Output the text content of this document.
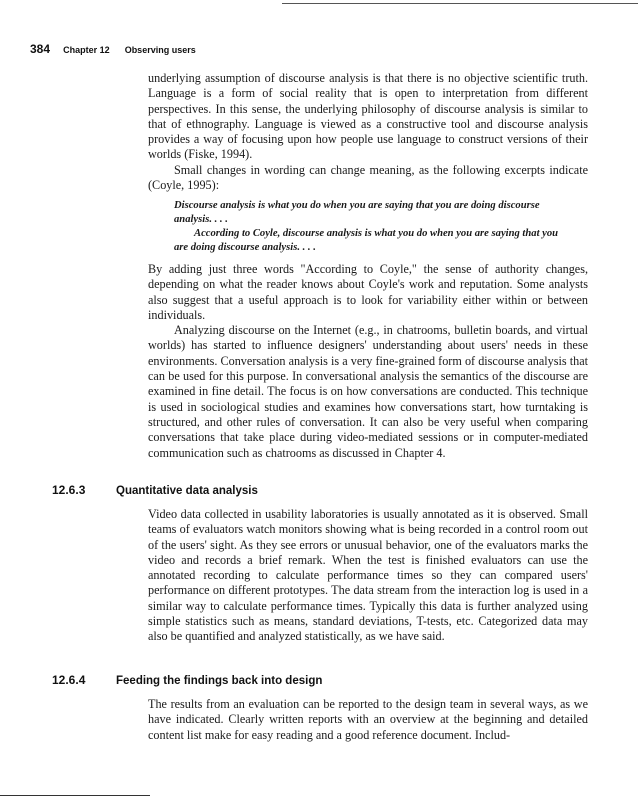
384 Chapter 12 Observing users

underlying assumption of discourse analysis is that there is no objective scientific truth. Language is a form of social reality that is open to interpretation from different perspectives. In this sense, the underlying philosophy of discourse analysis is similar to that of ethnography. Language is viewed as a constructive tool and discourse analysis provides a way of focusing upon how people use language to construct versions of their worlds (Fiske, 1994).

Small changes in wording can change meaning, as the following excerpts indicate (Coyle, 1995):

Discourse analysis is what you do when you are saying that you are doing discourse analysis. . . .

According to Coyle, discourse analysis is what you do when you are saying that you are doing discourse analysis. . . .

By adding just three words "According to Coyle," the sense of authority changes, depending on what the reader knows about Coyle's work and reputation. Some analysts also suggest that a useful approach is to look for variability either within or between individuals.

Analyzing discourse on the Internet (e.g., in chatrooms, bulletin boards, and virtual worlds) has started to influence designers' understanding about users' needs in these environments. Conversation analysis is a very fine-grained form of discourse analysis that can be used for this purpose. In conversational analysis the semantics of the discourse are examined in fine detail. The focus is on how conversations are conducted. This technique is used in sociological studies and examines how conversations start, how turntaking is structured, and other rules of conversation. It can also be very useful when comparing conversations that take place during video-mediated sessions or in computer-mediated communication such as chatrooms as discussed in Chapter 4.

12.6.3	Quantitative data analysis

Video data collected in usability laboratories is usually annotated as it is observed. Small teams of evaluators watch monitors showing what is being recorded in a control room out of the users' sight. As they see errors or unusual behavior, one of the evaluators marks the video and records a brief remark. When the test is finished evaluators can use the annotated recording to calculate performance times so they can compared users' performance on different prototypes. The data stream from the interaction log is used in a similar way to calculate performance times. Typically this data is further analyzed using simple statistics such as means, standard deviations, T-tests, etc. Categorized data may also be quantified and analyzed statistically, as we have said.

12.6.4	Feeding the findings back into design

The results from an evaluation can be reported to the design team in several ways, as we have indicated. Clearly written reports with an overview at the beginning and detailed content list make for easy reading and a good reference document. Includ-
